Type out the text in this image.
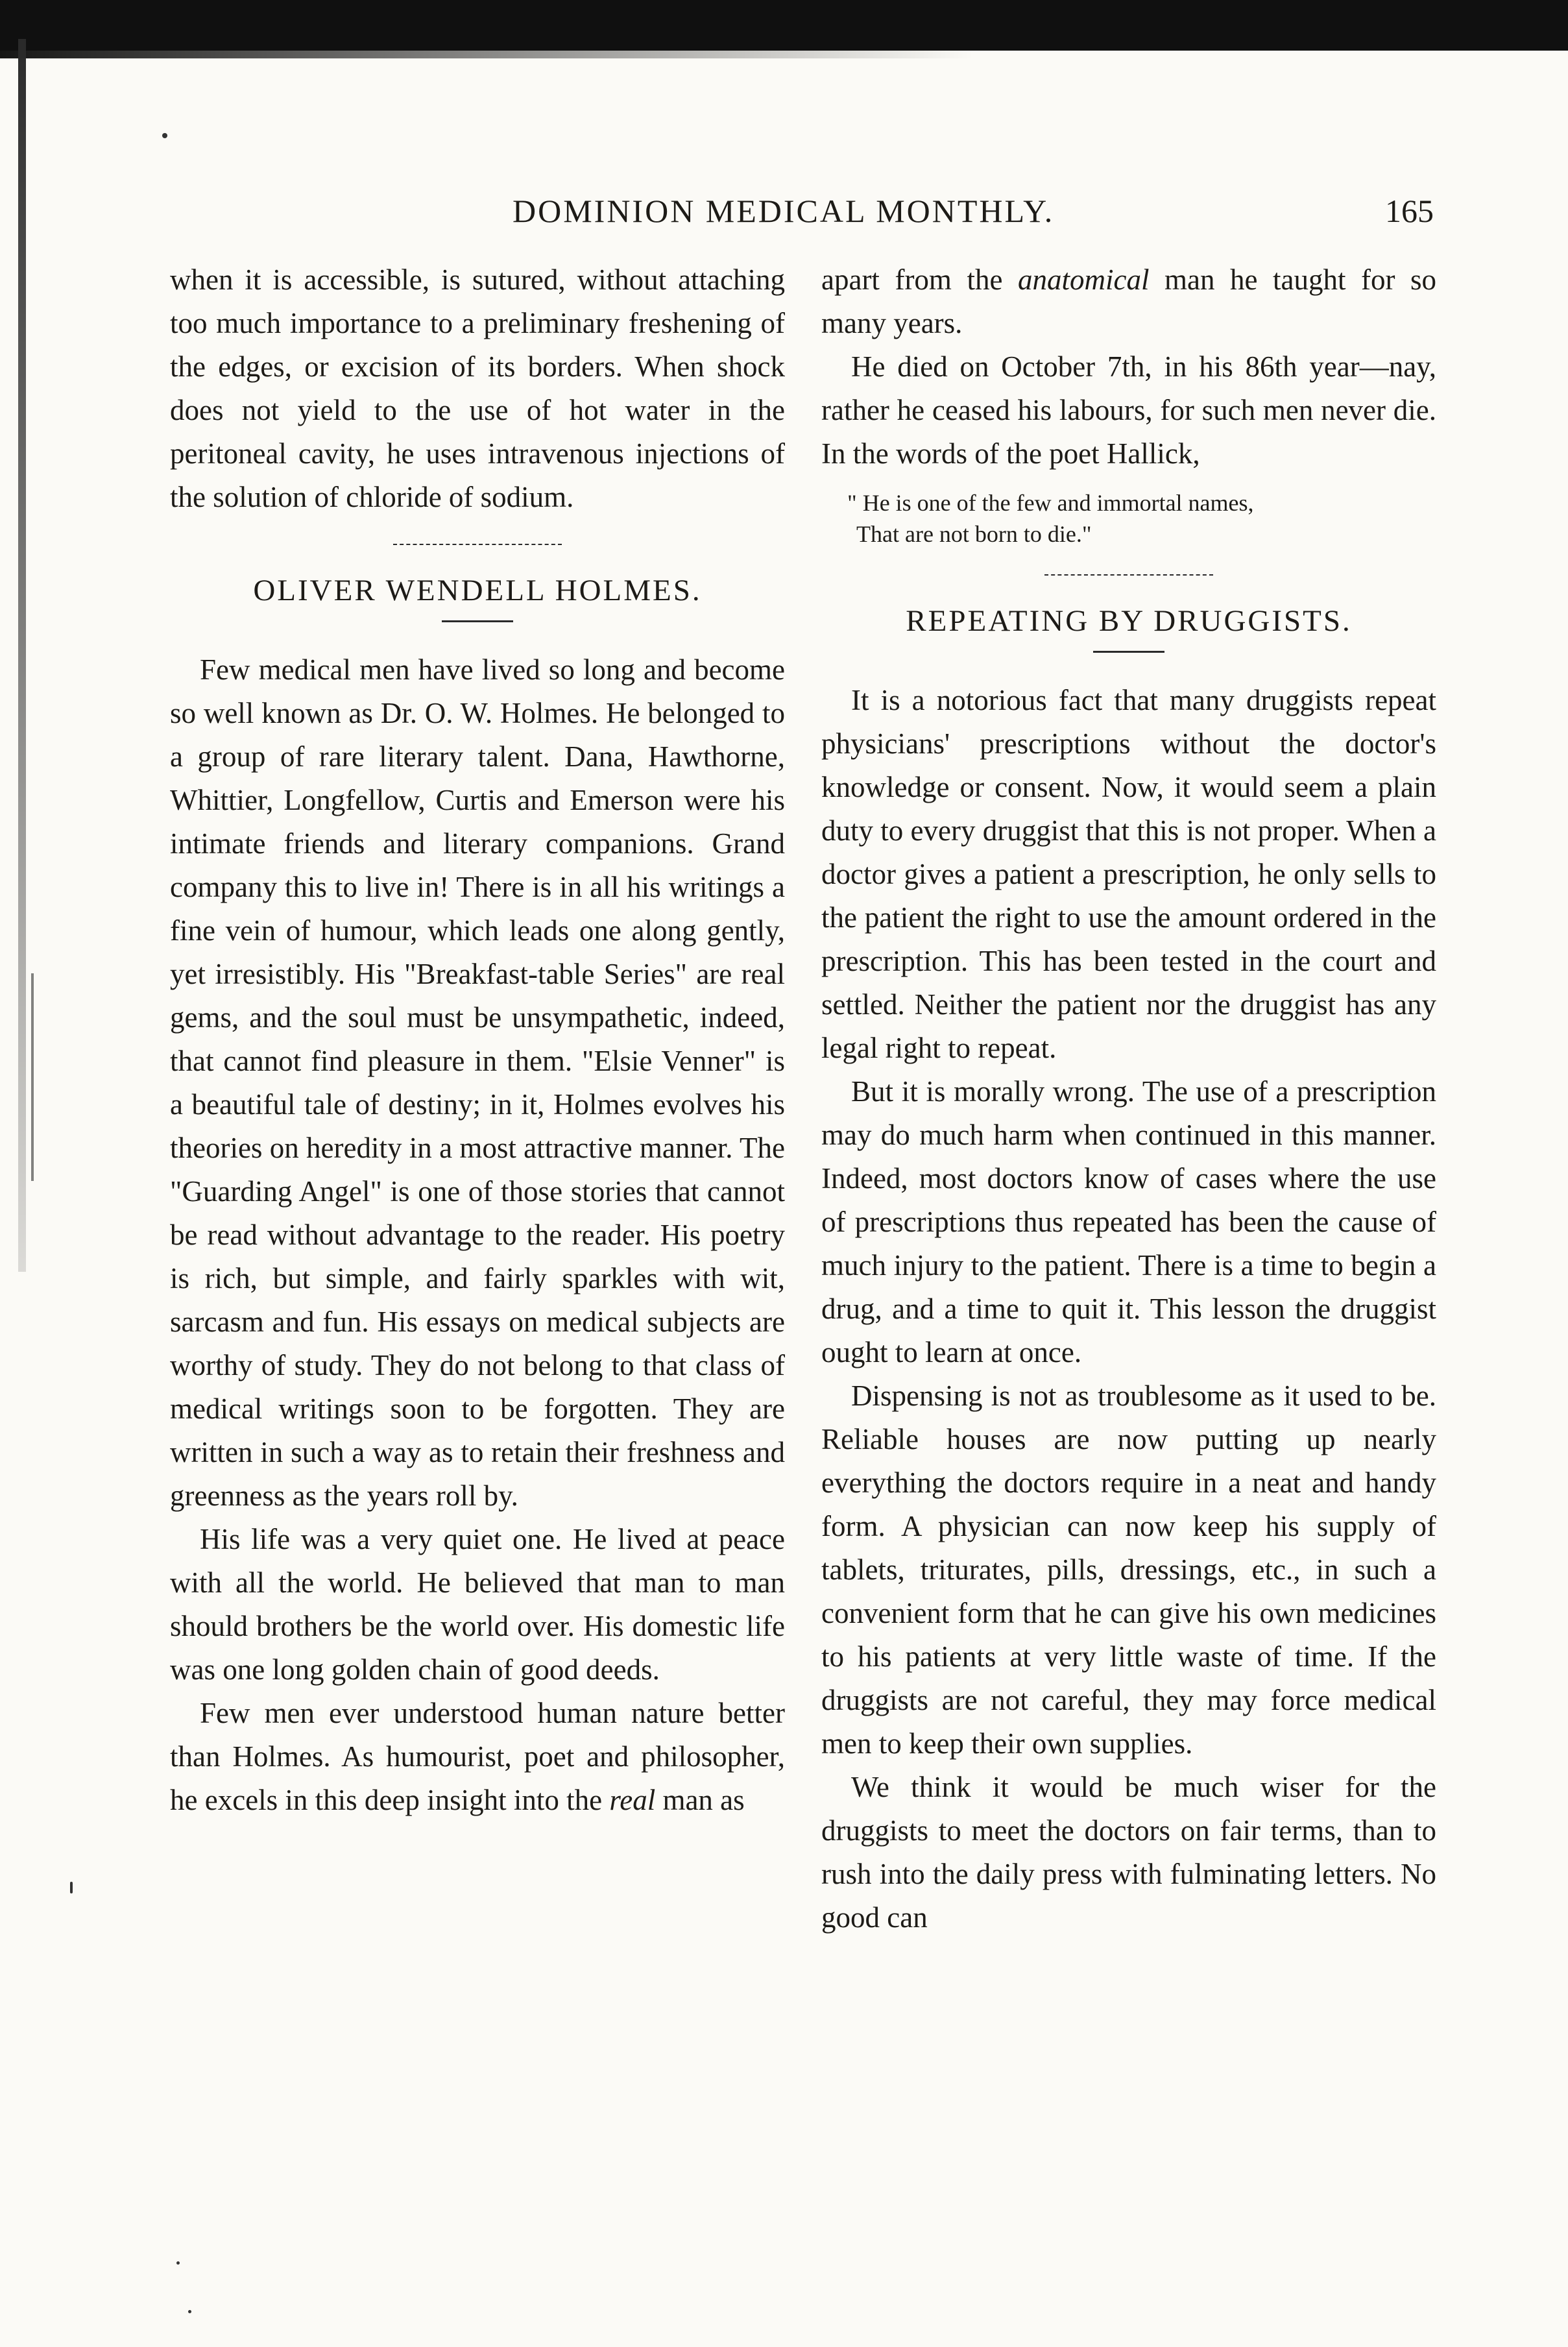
DOMINION MEDICAL MONTHLY.	165

when it is accessible, is sutured, without attaching too much importance to a preliminary freshening of the edges, or excision of its borders. When shock does not yield to the use of hot water in the peritoneal cavity, he uses intravenous injections of the solution of chloride of sodium.

OLIVER WENDELL HOLMES.

Few medical men have lived so long and become so well known as Dr. O. W. Holmes. He belonged to a group of rare literary talent. Dana, Hawthorne, Whittier, Longfellow, Curtis and Emerson were his intimate friends and literary companions. Grand company this to live in! There is in all his writings a fine vein of humour, which leads one along gently, yet irresistibly. His "Breakfast-table Series" are real gems, and the soul must be unsympathetic, indeed, that cannot find pleasure in them. "Elsie Venner" is a beautiful tale of destiny; in it, Holmes evolves his theories on heredity in a most attractive manner. The "Guarding Angel" is one of those stories that cannot be read without advantage to the reader. His poetry is rich, but simple, and fairly sparkles with wit, sarcasm and fun. His essays on medical subjects are worthy of study. They do not belong to that class of medical writings soon to be forgotten. They are written in such a way as to retain their freshness and greenness as the years roll by.

His life was a very quiet one. He lived at peace with all the world. He believed that man to man should brothers be the world over. His domestic life was one long golden chain of good deeds.

Few men ever understood human nature better than Holmes. As humourist, poet and philosopher, he excels in this deep insight into the real man as

apart from the anatomical man he taught for so many years.

He died on October 7th, in his 86th year—nay, rather he ceased his labours, for such men never die. In the words of the poet Hallick,

" He is one of the few and immortal names,
That are not born to die."
REPEATING BY DRUGGISTS.

It is a notorious fact that many druggists repeat physicians' prescriptions without the doctor's knowledge or consent. Now, it would seem a plain duty to every druggist that this is not proper. When a doctor gives a patient a prescription, he only sells to the patient the right to use the amount ordered in the prescription. This has been tested in the court and settled. Neither the patient nor the druggist has any legal right to repeat.

But it is morally wrong. The use of a prescription may do much harm when continued in this manner. Indeed, most doctors know of cases where the use of prescriptions thus repeated has been the cause of much injury to the patient. There is a time to begin a drug, and a time to quit it. This lesson the druggist ought to learn at once.

Dispensing is not as troublesome as it used to be. Reliable houses are now putting up nearly everything the doctors require in a neat and handy form. A physician can now keep his supply of tablets, triturates, pills, dressings, etc., in such a convenient form that he can give his own medicines to his patients at very little waste of time. If the druggists are not careful, they may force medical men to keep their own supplies.

We think it would be much wiser for the druggists to meet the doctors on fair terms, than to rush into the daily press with fulminating letters. No good can
